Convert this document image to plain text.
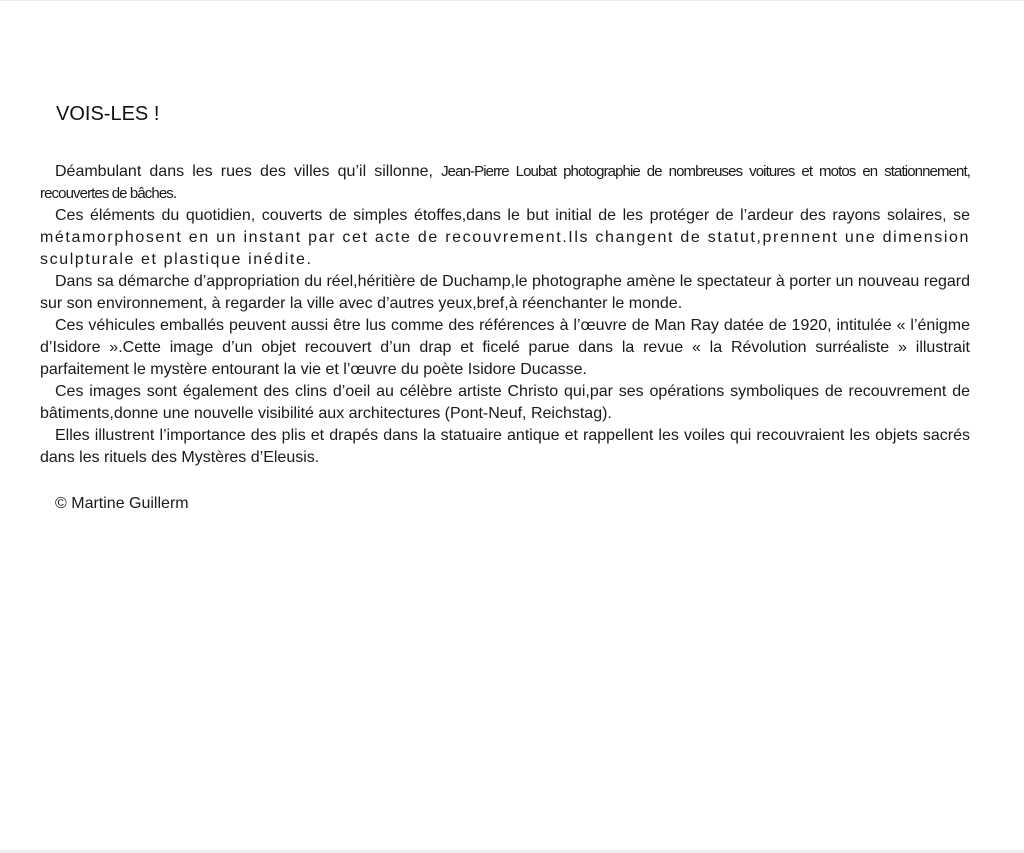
VOIS-LES !

Déambulant dans les rues des villes qu’il sillonne, Jean-Pierre Loubat photographie de nombreuses voitures et motos en stationnement, recouvertes de bâches.

Ces éléments du quotidien, couverts de simples étoffes,dans le but initial de les protéger de l’ardeur des rayons solaires, se métamorphosent en un instant par cet acte de recouvrement.Ils changent de statut,prennent une dimension sculpturale et plastique inédite.

Dans sa démarche d’appropriation du réel,héritière de Duchamp,le photographe amène le spectateur à porter un nouveau regard sur son environnement, à regarder la ville avec d’autres yeux,bref,à réenchanter le monde.

Ces véhicules emballés peuvent aussi être lus comme des références à l’œuvre de Man Ray datée de 1920, intitulée « l’énigme d’Isidore ».Cette image d’un objet recouvert d’un drap et ficelé parue dans la revue « la Révolution surréaliste » illustrait parfaitement le mystère entourant la vie et l’œuvre du poète Isidore Ducasse.

Ces images sont également des clins d’oeil au célèbre artiste Christo qui,par ses opérations symboliques de recouvrement de bâtiments,donne une nouvelle visibilité aux architectures (Pont-Neuf, Reichstag).

Elles illustrent l’importance des plis et drapés dans la statuaire antique et rappellent les voiles qui recouvraient les objets sacrés dans les rituels des Mystères d’Eleusis.

© Martine Guillerm
